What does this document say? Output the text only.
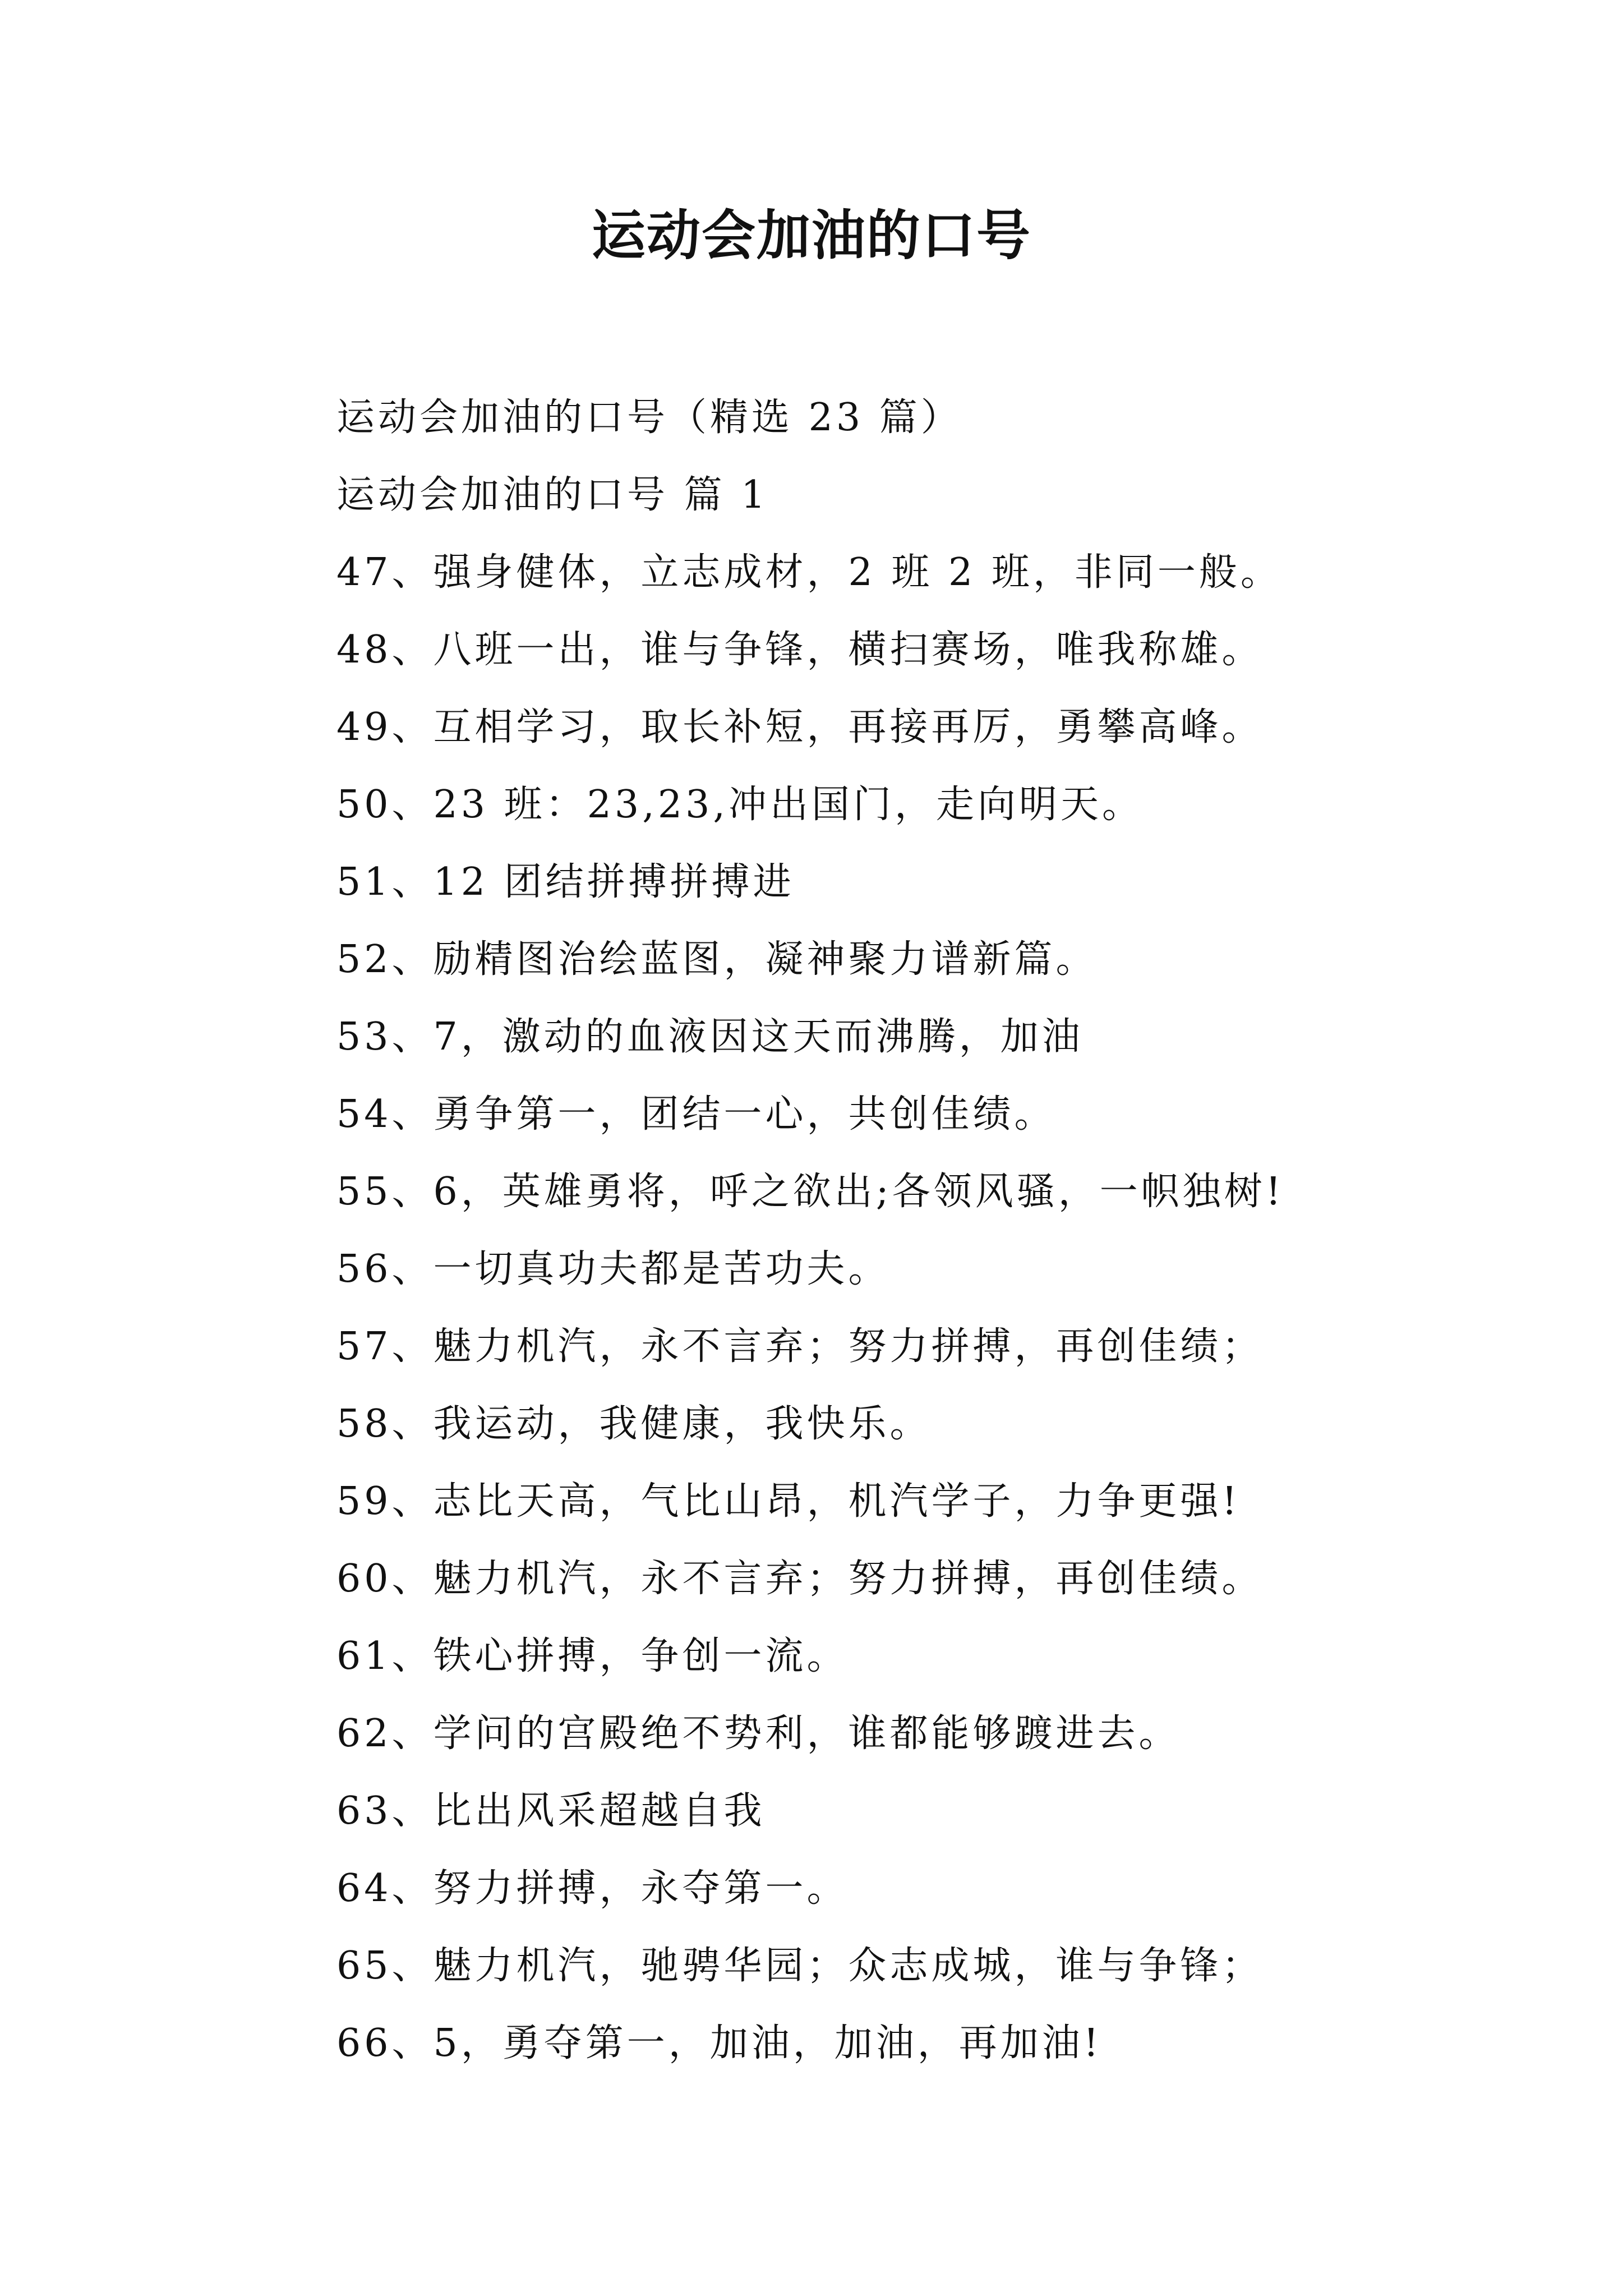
运动会加油的口号
运动会加油的口号（精选 23 篇）
运动会加油的口号 篇 1
47、强身健体，立志成材，2 班 2 班，非同一般。
48、八班一出，谁与争锋，横扫赛场，唯我称雄。
49、互相学习，取长补短，再接再厉，勇攀高峰。
50、23 班：23,23,冲出国门，走向明天。
51、12 团结拼搏拼搏进
52、励精图治绘蓝图，凝神聚力谱新篇。
53、7，激动的血液因这天而沸腾，加油
54、勇争第一，团结一心，共创佳绩。
55、6，英雄勇将，呼之欲出;各领风骚，一帜独树!
56、一切真功夫都是苦功夫。
57、魅力机汽，永不言弃；努力拼搏，再创佳绩；
58、我运动，我健康，我快乐。
59、志比天高，气比山昂，机汽学子，力争更强!
60、魅力机汽，永不言弃；努力拼搏，再创佳绩。
61、铁心拼搏，争创一流。
62、学问的宫殿绝不势利，谁都能够踱进去。
63、比出风采超越自我
64、努力拼搏，永夺第一。
65、魅力机汽，驰骋华园；众志成城，谁与争锋；
66、5，勇夺第一，加油，加油，再加油!
